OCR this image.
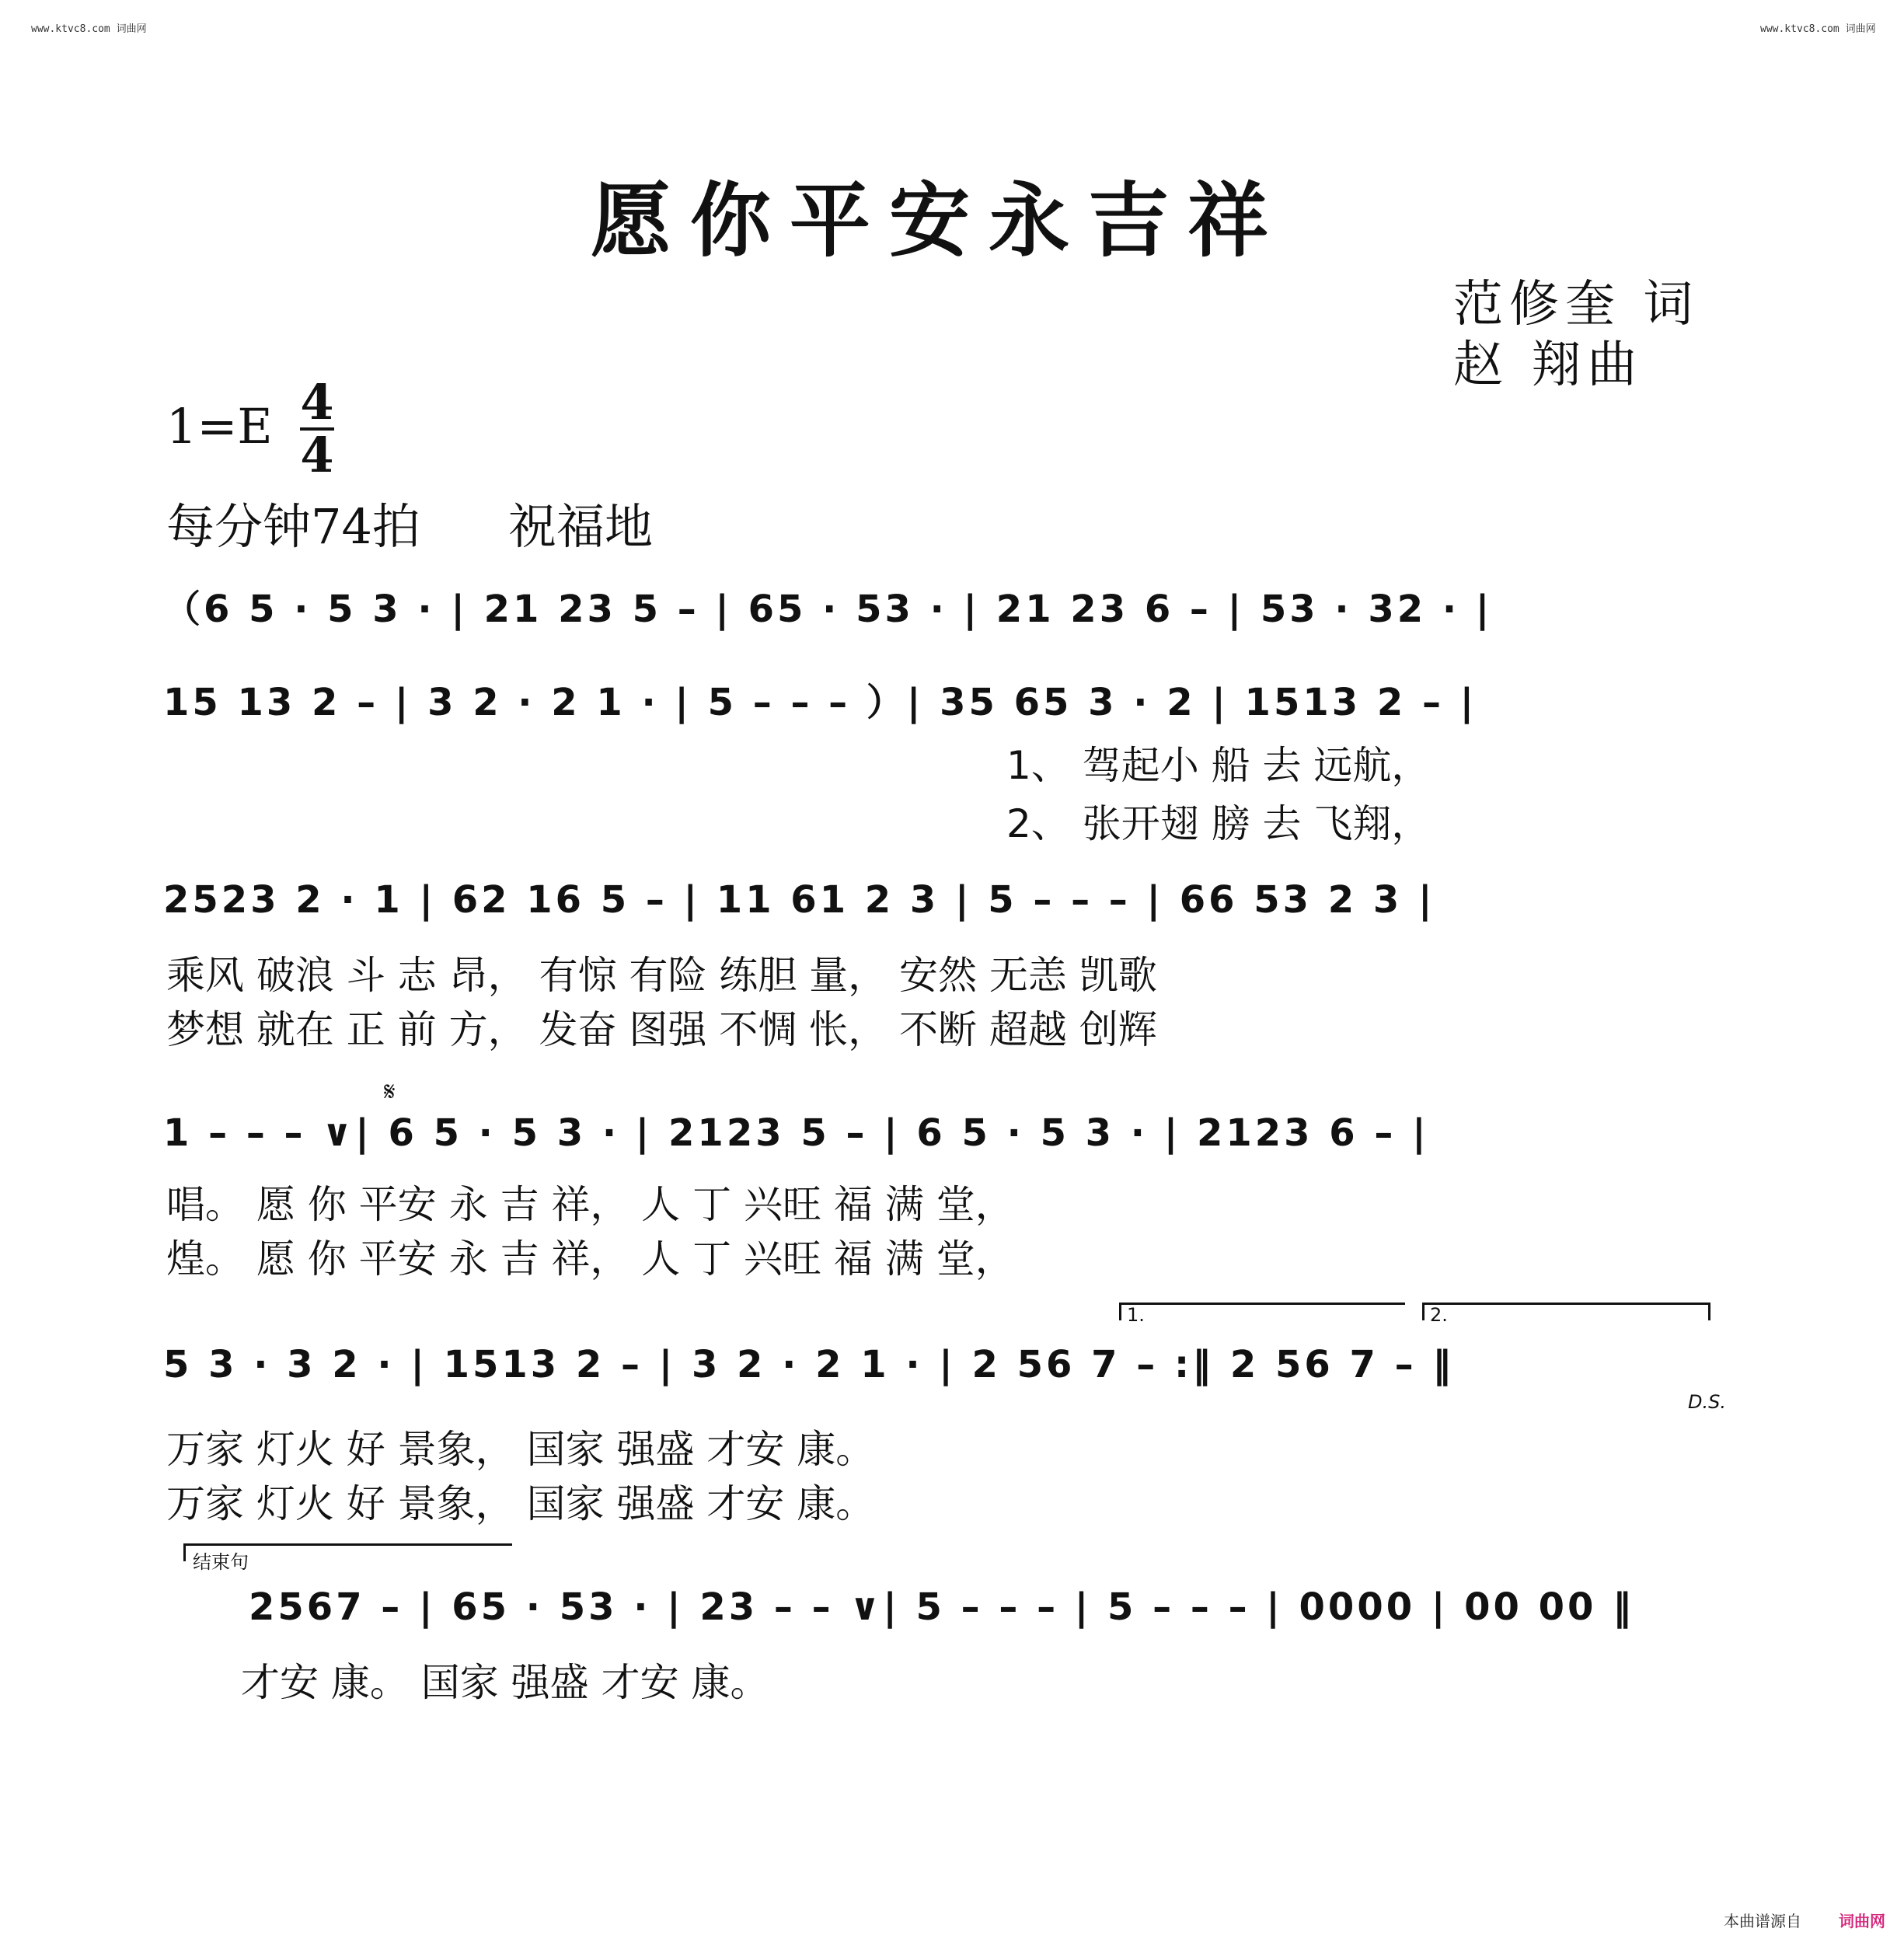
www.ktvc8.com 词曲网	www.ktvc8.com 词曲网
愿你平安永吉祥
范修奎 词
赵 翔曲
1=E 4
4
每分钟74拍 祝福地
（6 5 · 5 3 · | 21 23 5 – | 65 · 53 · | 21 23 6 – | 53 · 32 · |
15 13 2 – | 3 2 · 2 1 · | 5 – – – ）| 35 65 3 · 2 | 1513 2 – |
1、 驾起小 船 去 远航，
2、 张开翅 膀 去 飞翔，
2523 2 · 1 | 62 16 5 – | 11 61 2 3 | 5 – – – | 66 53 2 3 |
乘风 破浪 斗 志 昂， 有惊 有险 练胆 量， 安然 无恙 凯歌
梦想 就在 正 前 方， 发奋 图强 不惆 怅， 不断 超越 创辉
𝄋
1 – – – ∨| 6 5 · 5 3 · | 2123 5 – | 6 5 · 5 3 · | 2123 6 – |
唱。 愿 你 平安 永 吉 祥， 人 丁 兴旺 福 满 堂，
煌。 愿 你 平安 永 吉 祥， 人 丁 兴旺 福 满 堂，
1.	2.
5 3 · 3 2 · | 1513 2 – | 3 2 · 2 1 · | 2 56 7 – :‖ 2 56 7 – ‖
D.S.
万家 灯火 好 景象， 国家 强盛 才安 康。
万家 灯火 好 景象， 国家 强盛 才安 康。
结束句
2567 – | 65 · 53 · | 23 – – ∨| 5 – – – | 5 – – – | 0000 | 00 00 ‖
才安 康。 国家 强盛 才安 康。
本曲谱源自 词曲网
